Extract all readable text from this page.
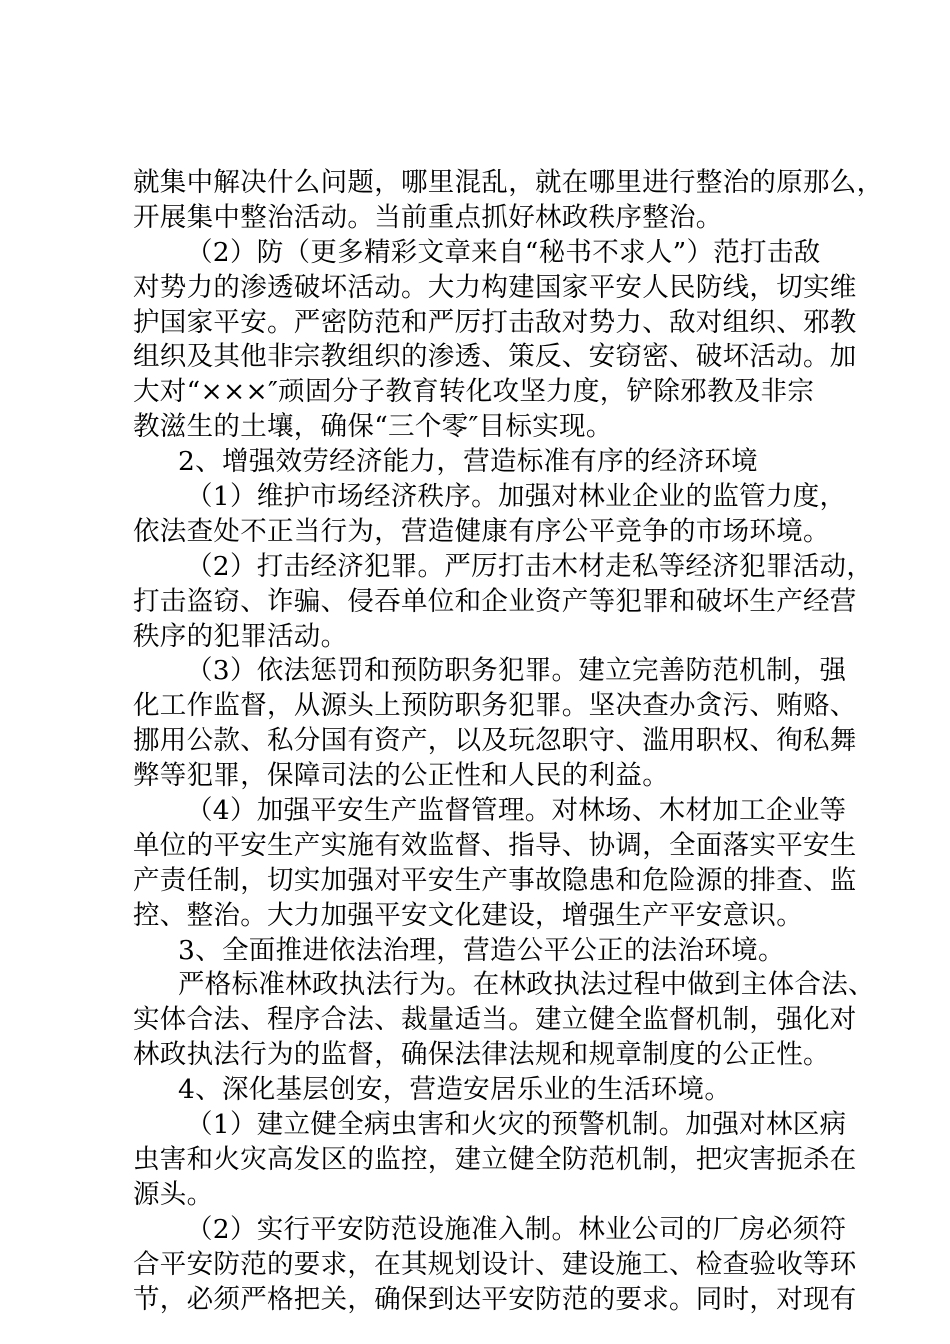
就集中解决什么问题，哪里混乱，就在哪里进行整治的原那么，
开展集中整治活动。当前重点抓好林政秩序整治。
（2）防（更多精彩文章来自“秘书不求人”）范打击敌
对势力的渗透破坏活动。大力构建国家平安人民防线，切实维
护国家平安。严密防范和严厉打击敌对势力、敌对组织、邪教
组织及其他非宗教组织的渗透、策反、安窃密、破坏活动。加
大对“×××″顽固分子教育转化攻坚力度，铲除邪教及非宗
教滋生的土壤，确保“三个零″目标实现。
2、增强效劳经济能力，营造标准有序的经济环境
（1）维护市场经济秩序。加强对林业企业的监管力度，
依法查处不正当行为，营造健康有序公平竞争的市场环境。
（2）打击经济犯罪。严厉打击木材走私等经济犯罪活动，
打击盗窃、诈骗、侵吞单位和企业资产等犯罪和破坏生产经营
秩序的犯罪活动。
（3）依法惩罚和预防职务犯罪。建立完善防范机制，强
化工作监督，从源头上预防职务犯罪。坚决查办贪污、贿赂、
挪用公款、私分国有资产，以及玩忽职守、滥用职权、徇私舞
弊等犯罪，保障司法的公正性和人民的利益。
（4）加强平安生产监督管理。对林场、木材加工企业等
单位的平安生产实施有效监督、指导、协调，全面落实平安生
产责任制，切实加强对平安生产事故隐患和危险源的排查、监
控、整治。大力加强平安文化建设，增强生产平安意识。
3、全面推进依法治理，营造公平公正的法治环境。
严格标准林政执法行为。在林政执法过程中做到主体合法、
实体合法、程序合法、裁量适当。建立健全监督机制，强化对
林政执法行为的监督，确保法律法规和规章制度的公正性。
4、深化基层创安，营造安居乐业的生活环境。
（1）建立健全病虫害和火灾的预警机制。加强对林区病
虫害和火灾高发区的监控，建立健全防范机制，把灾害扼杀在
源头。
（2）实行平安防范设施准入制。林业公司的厂房必须符
合平安防范的要求，在其规划设计、建设施工、检查验收等环
节，必须严格把关，确保到达平安防范的要求。同时，对现有
